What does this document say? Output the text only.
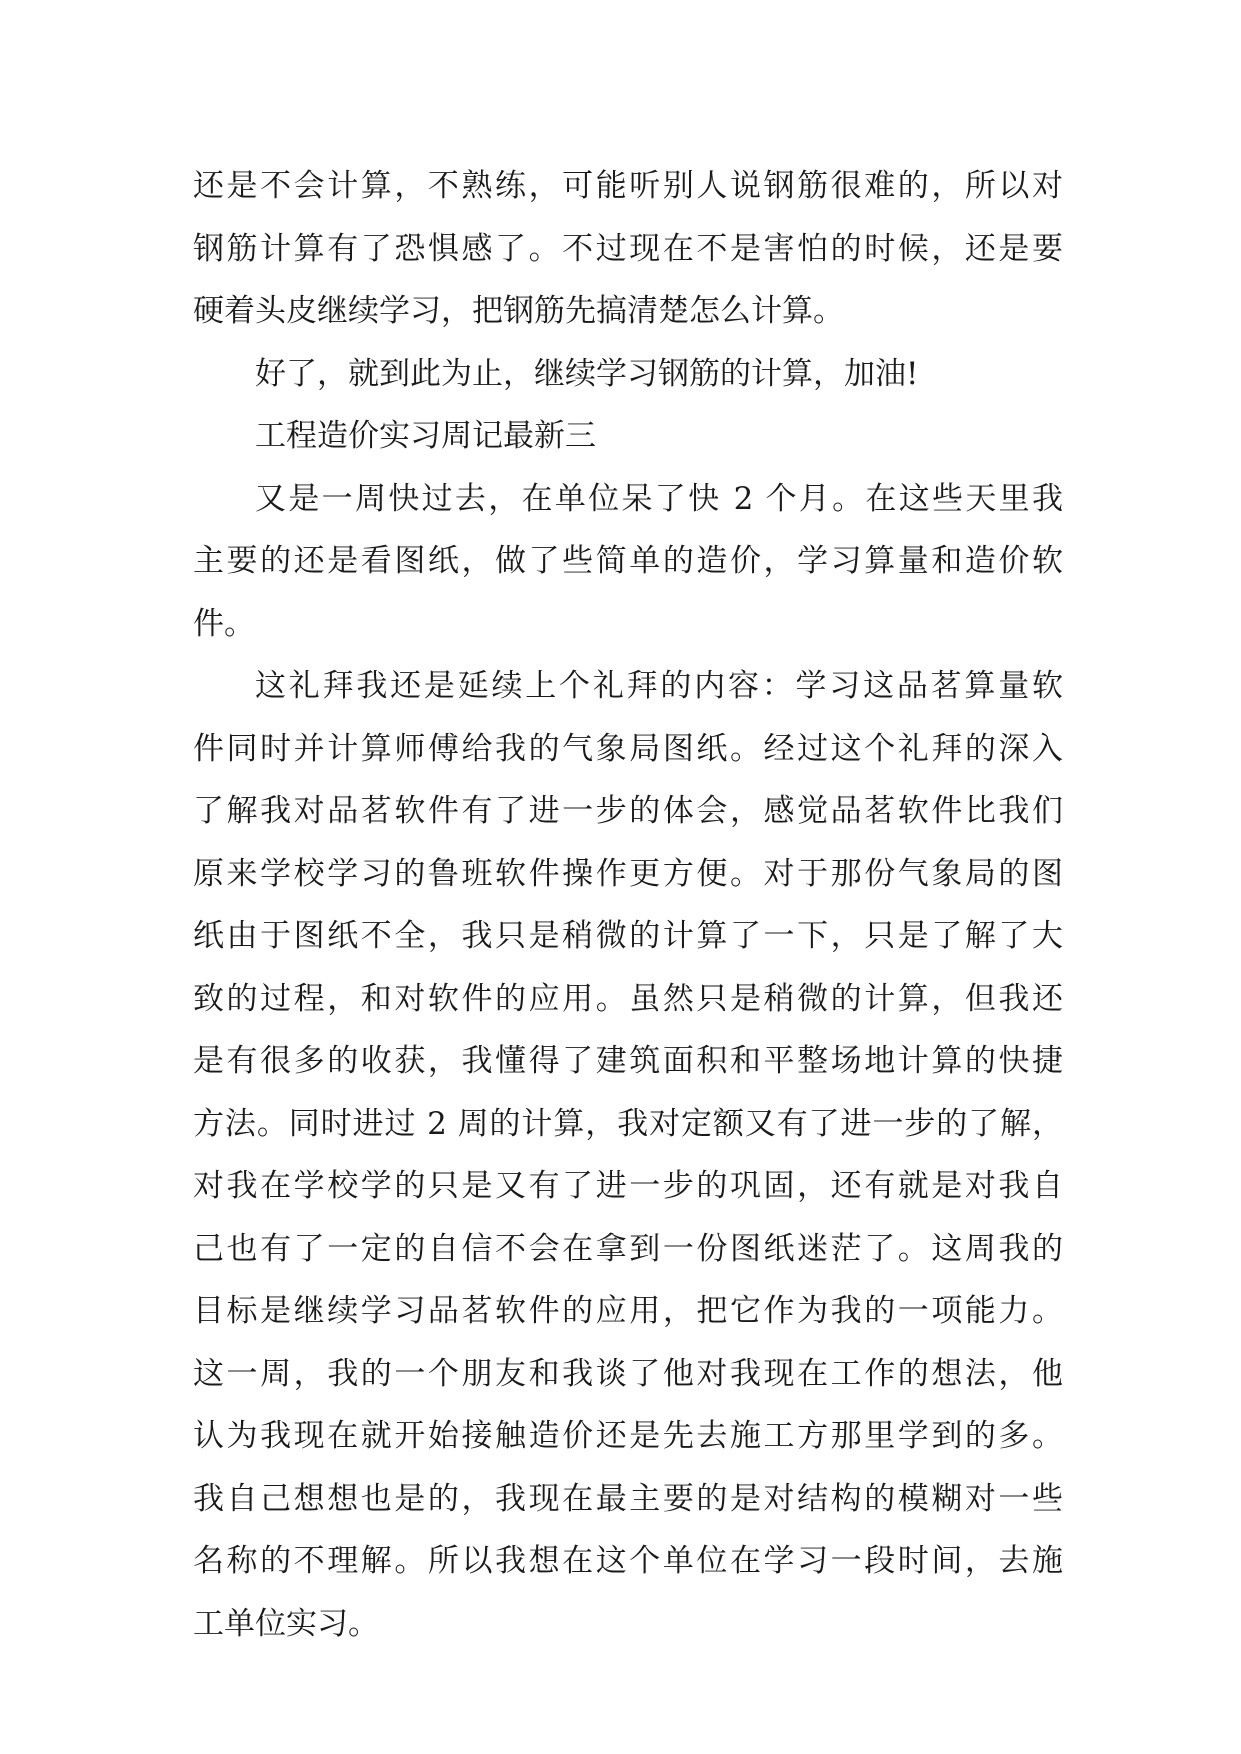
还是不会计算，不熟练，可能听别人说钢筋很难的，所以对
钢筋计算有了恐惧感了。不过现在不是害怕的时候，还是要
硬着头皮继续学习，把钢筋先搞清楚怎么计算。
好了，就到此为止，继续学习钢筋的计算，加油!
工程造价实习周记最新三
又是一周快过去，在单位呆了快 2 个月。在这些天里我
主要的还是看图纸，做了些简单的造价，学习算量和造价软
件。
这礼拜我还是延续上个礼拜的内容：学习这品茗算量软
件同时并计算师傅给我的气象局图纸。经过这个礼拜的深入
了解我对品茗软件有了进一步的体会，感觉品茗软件比我们
原来学校学习的鲁班软件操作更方便。对于那份气象局的图
纸由于图纸不全，我只是稍微的计算了一下，只是了解了大
致的过程，和对软件的应用。虽然只是稍微的计算，但我还
是有很多的收获，我懂得了建筑面积和平整场地计算的快捷
方法。同时进过 2 周的计算，我对定额又有了进一步的了解，
对我在学校学的只是又有了进一步的巩固，还有就是对我自
己也有了一定的自信不会在拿到一份图纸迷茫了。这周我的
目标是继续学习品茗软件的应用，把它作为我的一项能力。
这一周，我的一个朋友和我谈了他对我现在工作的想法，他
认为我现在就开始接触造价还是先去施工方那里学到的多。
我自己想想也是的，我现在最主要的是对结构的模糊对一些
名称的不理解。所以我想在这个单位在学习一段时间，去施
工单位实习。
